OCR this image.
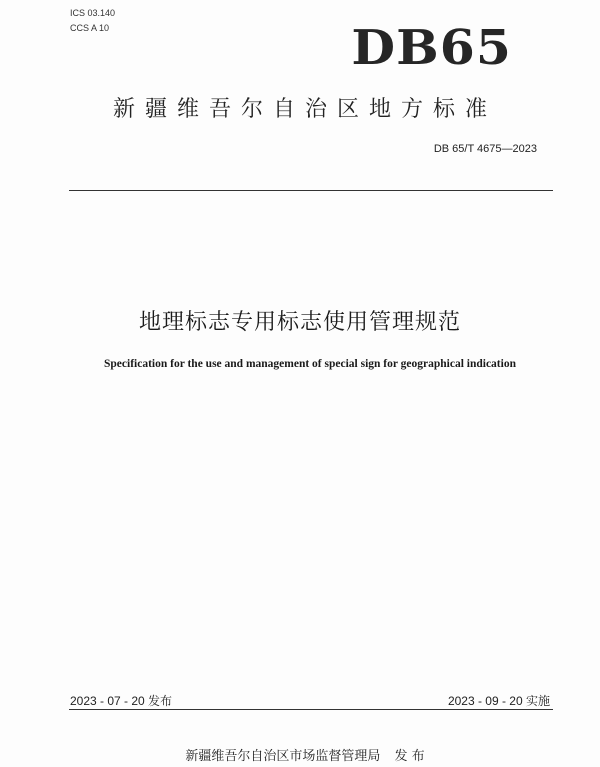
ICS 03.140
CCS A 10	DB65
新疆维吾尔自治区地方标准
DB 65/T 4675—2023
地理标志专用标志使用管理规范
Specification for the use and management of special sign for geographical indication
2023 - 07 - 20 发布	2023 - 09 - 20 实施
新疆维吾尔自治区市场监督管理局 发 布
